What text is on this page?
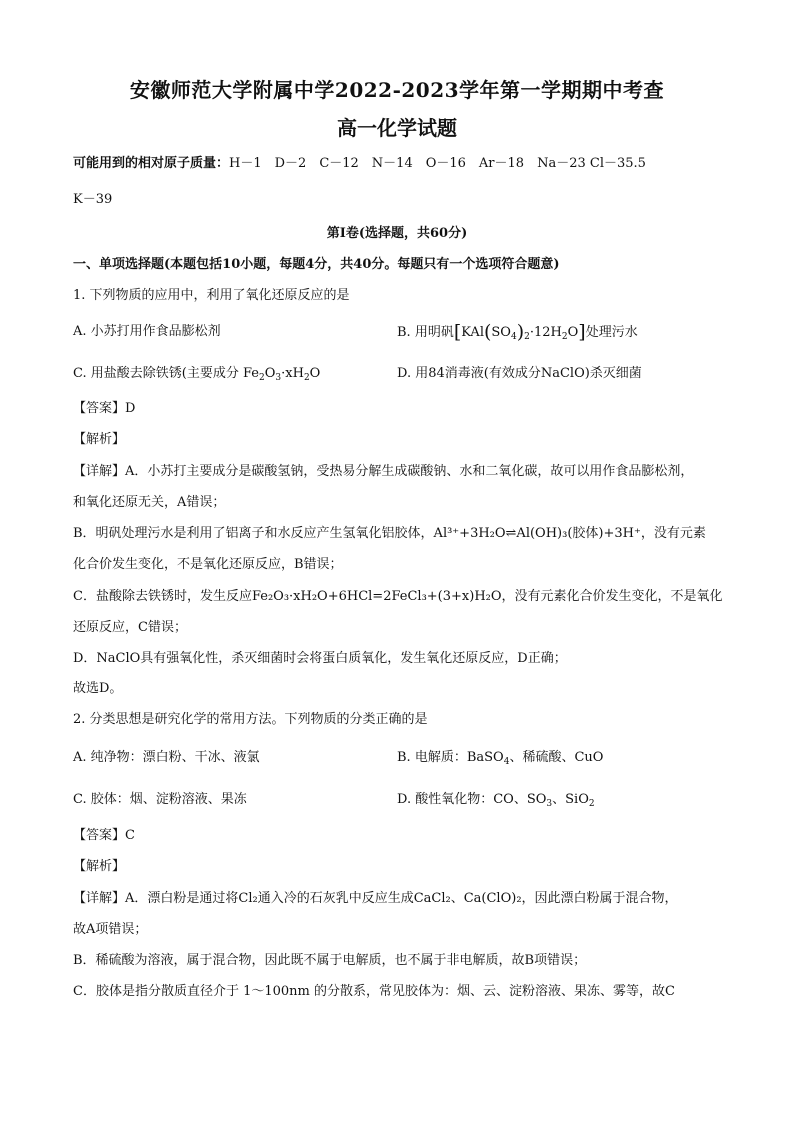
安徽师范大学附属中学2022-2023学年第一学期期中考查
高一化学试题
可能用到的相对原子质量：H－1　D－2　C－12　N－14　O－16　Ar－18　Na－23 Cl－35.5
K－39
第Ⅰ卷(选择题，共60分)
一、单项选择题(本题包括10小题，每题4分，共40分。每题只有一个选项符合题意)
1. 下列物质的应用中，利用了氧化还原反应的是
A. 小苏打用作食品膨松剂	B. 用明矾$[KAl(SO_4)_2\cdot 12H_2O]$处理污水
C. 用盐酸去除铁锈(主要成分 $Fe_2O_3\cdot xH_2O$	D. 用84消毒液(有效成分NaClO)杀灭细菌
【答案】D
【解析】
【详解】A．小苏打主要成分是碳酸氢钠，受热易分解生成碳酸钠、水和二氧化碳，故可以用作食品膨松剂，
和氧化还原无关，A错误；
B．明矾处理污水是利用了铝离子和水反应产生氢氧化铝胶体，Al³⁺+3H₂O⇌Al(OH)₃(胶体)+3H⁺，没有元素
化合价发生变化，不是氧化还原反应，B错误；
C．盐酸除去铁锈时，发生反应Fe₂O₃·xH₂O+6HCl=2FeCl₃+(3+x)H₂O，没有元素化合价发生变化，不是氧化
还原反应，C错误；
D．NaClO具有强氧化性，杀灭细菌时会将蛋白质氧化，发生氧化还原反应，D正确；
故选D。
2. 分类思想是研究化学的常用方法。下列物质的分类正确的是
A. 纯净物：漂白粉、干冰、液氯	B. 电解质：BaSO$_4$、稀硫酸、CuO
C. 胶体：烟、淀粉溶液、果冻	D. 酸性氧化物：CO、$SO_3$、SiO$_2$
【答案】C
【解析】
【详解】A．漂白粉是通过将Cl₂通入冷的石灰乳中反应生成CaCl₂、Ca(ClO)₂，因此漂白粉属于混合物，
故A项错误；
B．稀硫酸为溶液，属于混合物，因此既不属于电解质，也不属于非电解质，故B项错误；
C．胶体是指分散质直径介于 1～100nm 的分散系，常见胶体为：烟、云、淀粉溶液、果冻、雾等，故C
